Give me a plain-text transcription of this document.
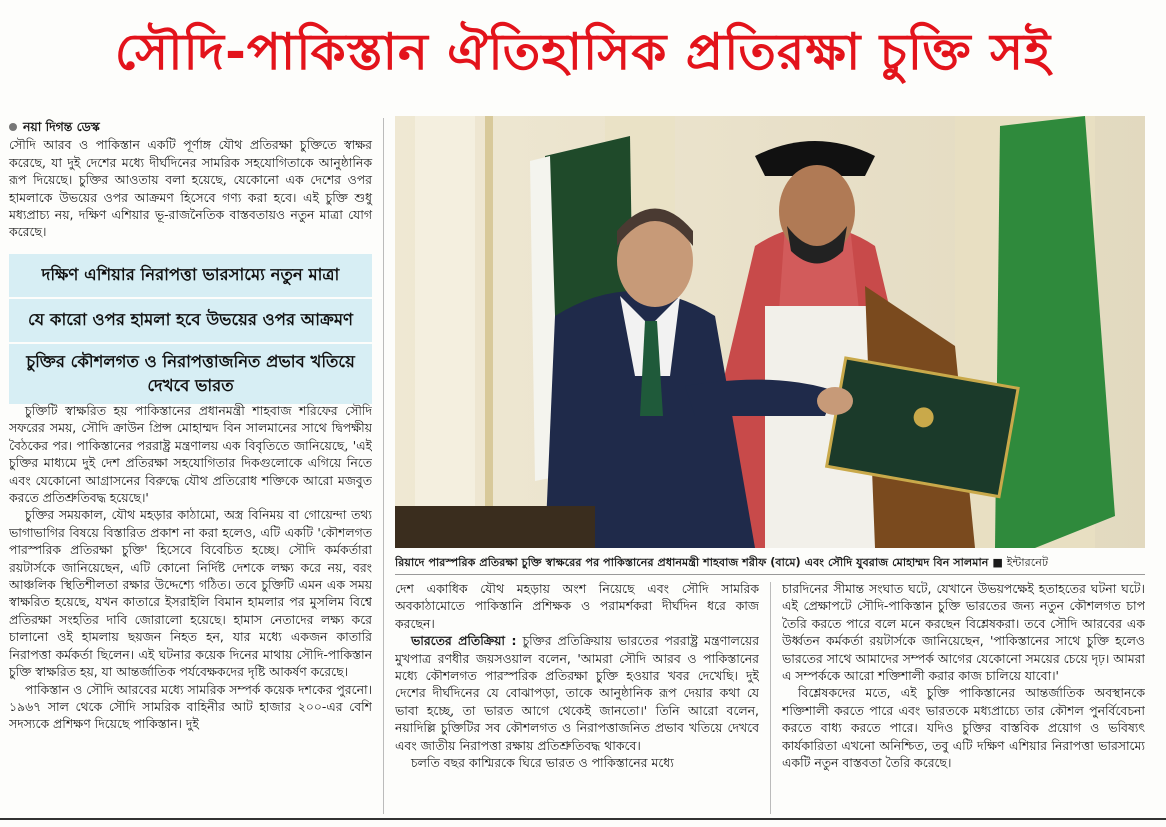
সৌদি-পাকিস্তান ঐতিহাসিক প্রতিরক্ষা চুক্তি সই
নয়া দিগন্ত ডেস্ক

সৌদি আরব ও পাকিস্তান একটি পূর্ণাঙ্গ যৌথ প্রতিরক্ষা চুক্তিতে স্বাক্ষর করেছে, যা দুই দেশের মধ্যে দীর্ঘদিনের সামরিক সহযোগিতাকে আনুষ্ঠানিক রূপ দিয়েছে। চুক্তির আওতায় বলা হয়েছে, যেকোনো এক দেশের ওপর হামলাকে উভয়ের ওপর আক্রমণ হিসেবে গণ্য করা হবে। এই চুক্তি শুধু মধ্যপ্রাচ্য নয়, দক্ষিণ এশিয়ার ভূ-রাজনৈতিক বাস্তবতায়ও নতুন মাত্রা যোগ করেছে।

দক্ষিণ এশিয়ার নিরাপত্তা ভারসাম্যে নতুন মাত্রা
যে কারো ওপর হামলা হবে উভয়ের ওপর আক্রমণ
চুক্তির কৌশলগত ও নিরাপত্তাজনিত প্রভাব খতিয়ে দেখবে ভারত

চুক্তিটি স্বাক্ষরিত হয় পাকিস্তানের প্রধানমন্ত্রী শাহবাজ শরিফের সৌদি সফরের সময়, সৌদি ক্রাউন প্রিন্স মোহাম্মদ বিন সালমানের সাথে দ্বিপক্ষীয় বৈঠকের পর। পাকিস্তানের পররাষ্ট্র মন্ত্রণালয় এক বিবৃতিতে জানিয়েছে, 'এই চুক্তির মাধ্যমে দুই দেশ প্রতিরক্ষা সহযোগিতার দিকগুলোকে এগিয়ে নিতে এবং যেকোনো আগ্রাসনের বিরুদ্ধে যৌথ প্রতিরোধ শক্তিকে আরো মজবুত করতে প্রতিশ্রুতিবদ্ধ হয়েছে।'

চুক্তির সময়কাল, যৌথ মহড়ার কাঠামো, অস্ত্র বিনিময় বা গোয়েন্দা তথ্য ভাগাভাগির বিষয়ে বিস্তারিত প্রকাশ না করা হলেও, এটি একটি 'কৌশলগত পারস্পরিক প্রতিরক্ষা চুক্তি' হিসেবে বিবেচিত হচ্ছে। সৌদি কর্মকর্তারা রয়টার্সকে জানিয়েছেন, এটি কোনো নির্দিষ্ট দেশকে লক্ষ্য করে নয়, বরং আঞ্চলিক স্থিতিশীলতা রক্ষার উদ্দেশ্যে গঠিত। তবে চুক্তিটি এমন এক সময় স্বাক্ষরিত হয়েছে, যখন কাতারে ইসরাইলি বিমান হামলার পর মুসলিম বিশ্বে প্রতিরক্ষা সংহতির দাবি জোরালো হয়েছে। হামাস নেতাদের লক্ষ্য করে চালানো ওই হামলায় ছয়জন নিহত হন, যার মধ্যে একজন কাতারি নিরাপত্তা কর্মকর্তা ছিলেন। এই ঘটনার কয়েক দিনের মাথায় সৌদি-পাকিস্তান চুক্তি স্বাক্ষরিত হয়, যা আন্তর্জাতিক পর্যবেক্ষকদের দৃষ্টি আকর্ষণ করেছে।

পাকিস্তান ও সৌদি আরবের মধ্যে সামরিক সম্পর্ক কয়েক দশকের পুরনো। ১৯৬৭ সাল থেকে সৌদি সামরিক বাহিনীর আট হাজার ২০০-এর বেশি সদস্যকে প্রশিক্ষণ দিয়েছে পাকিস্তান। দুই

রিয়াদে পারস্পরিক প্রতিরক্ষা চুক্তি স্বাক্ষরের পর পাকিস্তানের প্রধানমন্ত্রী শাহবাজ শরীফ (বামে) এবং সৌদি যুবরাজ মোহাম্মদ বিন সালমান ■ ইন্টারনেট

দেশ একাধিক যৌথ মহড়ায় অংশ নিয়েছে এবং সৌদি সামরিক অবকাঠামোতে পাকিস্তানি প্রশিক্ষক ও পরামর্শকরা দীর্ঘদিন ধরে কাজ করছেন।

ভারতের প্রতিক্রিয়া : চুক্তির প্রতিক্রিয়ায় ভারতের পররাষ্ট্র মন্ত্রণালয়ের মুখপাত্র রণধীর জয়সওয়াল বলেন, 'আমরা সৌদি আরব ও পাকিস্তানের মধ্যে কৌশলগত পারস্পরিক প্রতিরক্ষা চুক্তি হওয়ার খবর দেখেছি। দুই দেশের দীর্ঘদিনের যে বোঝাপড়া, তাকে আনুষ্ঠানিক রূপ দেয়ার কথা যে ভাবা হচ্ছে, তা ভারত আগে থেকেই জানতো।' তিনি আরো বলেন, নয়াদিল্লি চুক্তিটির সব কৌশলগত ও নিরাপত্তাজনিত প্রভাব খতিয়ে দেখবে এবং জাতীয় নিরাপত্তা রক্ষায় প্রতিশ্রুতিবদ্ধ থাকবে।

চলতি বছর কাশ্মিরকে ঘিরে ভারত ও পাকিস্তানের মধ্যে

চারদিনের সীমান্ত সংঘাত ঘটে, যেখানে উভয়পক্ষেই হতাহতের ঘটনা ঘটে। এই প্রেক্ষাপটে সৌদি-পাকিস্তান চুক্তি ভারতের জন্য নতুন কৌশলগত চাপ তৈরি করতে পারে বলে মনে করছেন বিশ্লেষকরা। তবে সৌদি আরবের এক উর্ধ্বতন কর্মকর্তা রয়টার্সকে জানিয়েছেন, 'পাকিস্তানের সাথে চুক্তি হলেও ভারতের সাথে আমাদের সম্পর্ক আগের যেকোনো সময়ের চেয়ে দৃঢ়। আমরা এ সম্পর্ককে আরো শক্তিশালী করার কাজ চালিয়ে যাবো।'

বিশ্লেষকদের মতে, এই চুক্তি পাকিস্তানের আন্তর্জাতিক অবস্থানকে শক্তিশালী করতে পারে এবং ভারতকে মধ্যপ্রাচ্যে তার কৌশল পুনর্বিবেচনা করতে বাধ্য করতে পারে। যদিও চুক্তির বাস্তবিক প্রয়োগ ও ভবিষ্যৎ কার্যকারিতা এখনো অনিশ্চিত, তবু এটি দক্ষিণ এশিয়ার নিরাপত্তা ভারসাম্যে একটি নতুন বাস্তবতা তৈরি করেছে।
